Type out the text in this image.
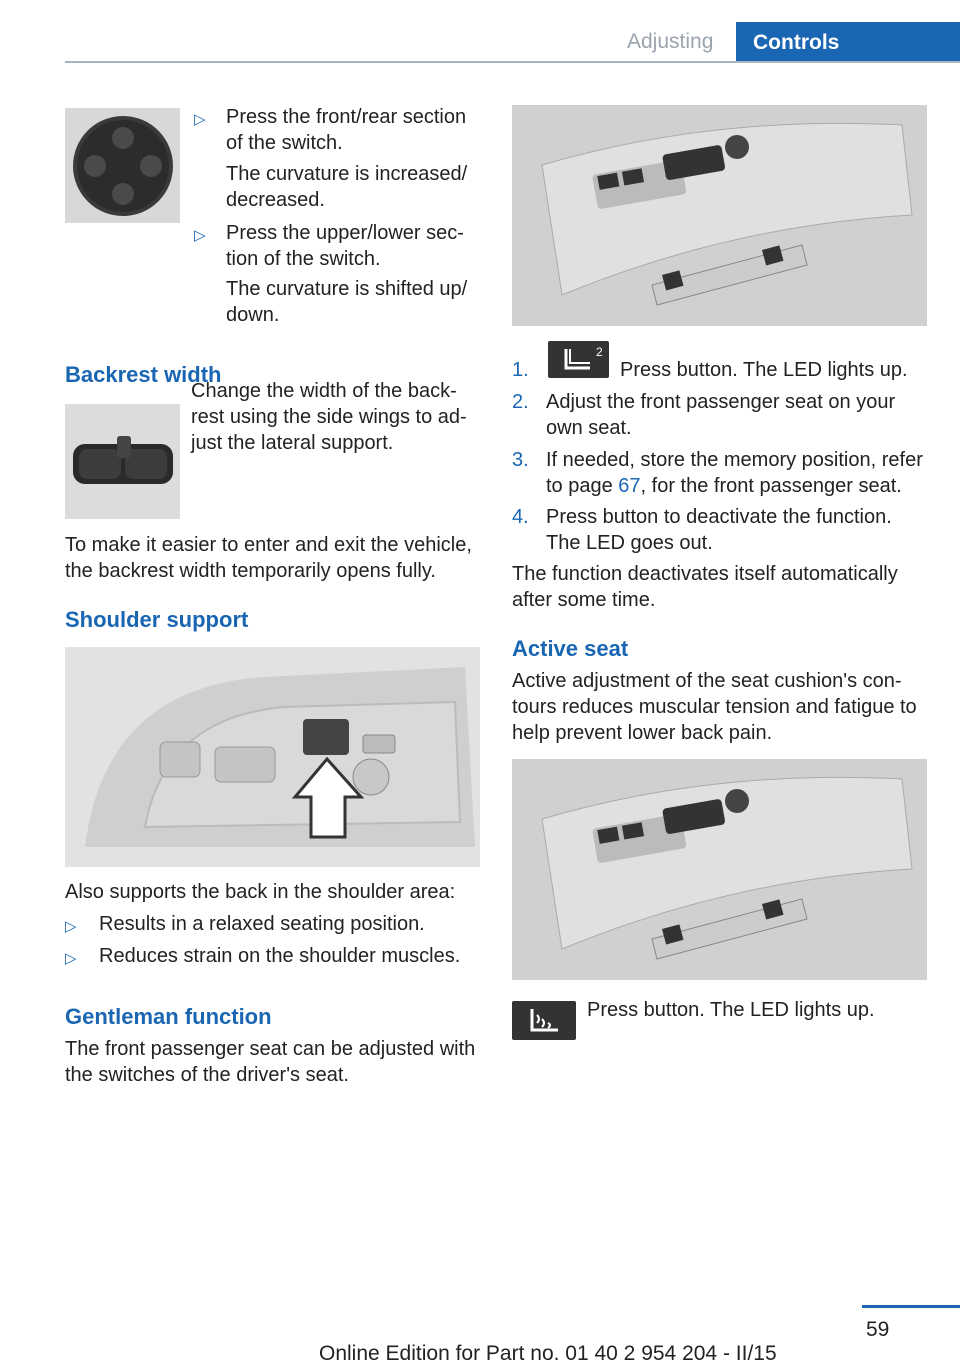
Adjusting	Controls
▷ Press the front/rear section of the switch.
The curvature is increased/ decreased.
▷ Press the upper/lower sec- tion of the switch.
The curvature is shifted up/ down.
Backrest width
Change the width of the back- rest using the side wings to ad- just the lateral support.
To make it easier to enter and exit the vehicle, the backrest width temporarily opens fully.
Shoulder support
Also supports the back in the shoulder area:
▷ Results in a relaxed seating position.
▷ Reduces strain on the shoulder muscles.
Gentleman function
The front passenger seat can be adjusted with the switches of the driver's seat.
1.
2
Press button. The LED lights up.
2. Adjust the front passenger seat on your own seat.
3. If needed, store the memory position, refer to page 67, for the front passenger seat.
4. Press button to deactivate the function. The LED goes out.
The function deactivates itself automatically after some time.
Active seat
Active adjustment of the seat cushion's con- tours reduces muscular tension and fatigue to help prevent lower back pain.
Press button. The LED lights up.
59
Online Edition for Part no. 01 40 2 954 204 - II/15
